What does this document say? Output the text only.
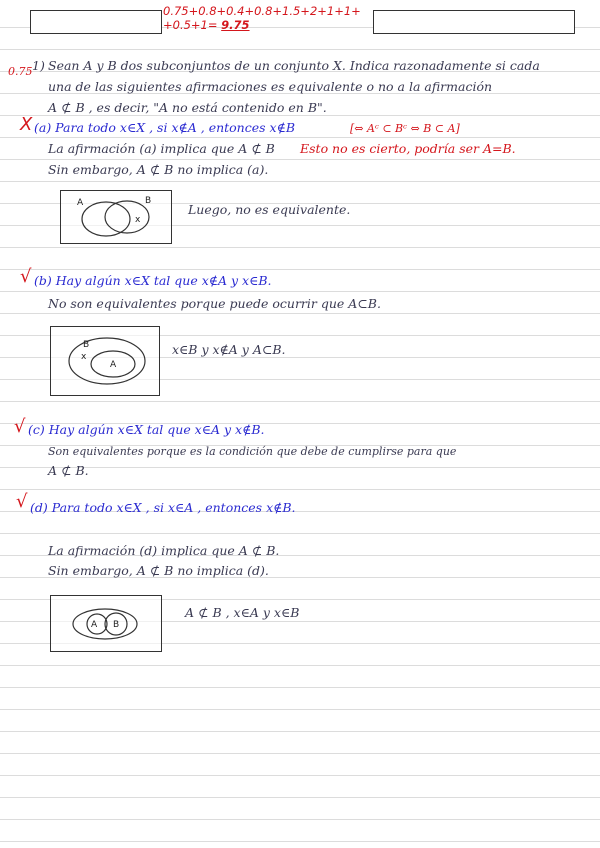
0.75+0.8+0.4+0.8+1.5+2+1+1+
+0.5+1= 9.75
0.75 1) Sean A y B dos subconjuntos de un conjunto X. Indica razonadamente si cada
una de las siguientes afirmaciones es equivalente o no a la afirmación
A ⊄ B , es decir, "A no está contenido en B".
X (a) Para todo x∈X , si x∉A , entonces x∉B	[⇔ Aᶜ ⊂ Bᶜ ⇔ B ⊂ A]
La afirmación (a) implica que A ⊄ B Esto no es cierto, podría ser A=B.
Sin embargo, A ⊄ B no implica (a).
A	B
x
Luego, no es equivalente.
√ (b) Hay algún x∈X tal que x∉A y x∈B.
No son equivalentes porque puede ocurrir que A⊂B.
B
x
A
x∈B y x∉A y A⊂B.
√ (c) Hay algún x∈X tal que x∈A y x∉B.
Son equivalentes porque es la condición que debe de cumplirse para que
A ⊄ B.
√ (d) Para todo x∈X , si x∈A , entonces x∉B.
La afirmación (d) implica que A ⊄ B.
Sin embargo, A ⊄ B no implica (d).
A B
A ⊄ B , x∈A y x∈B
